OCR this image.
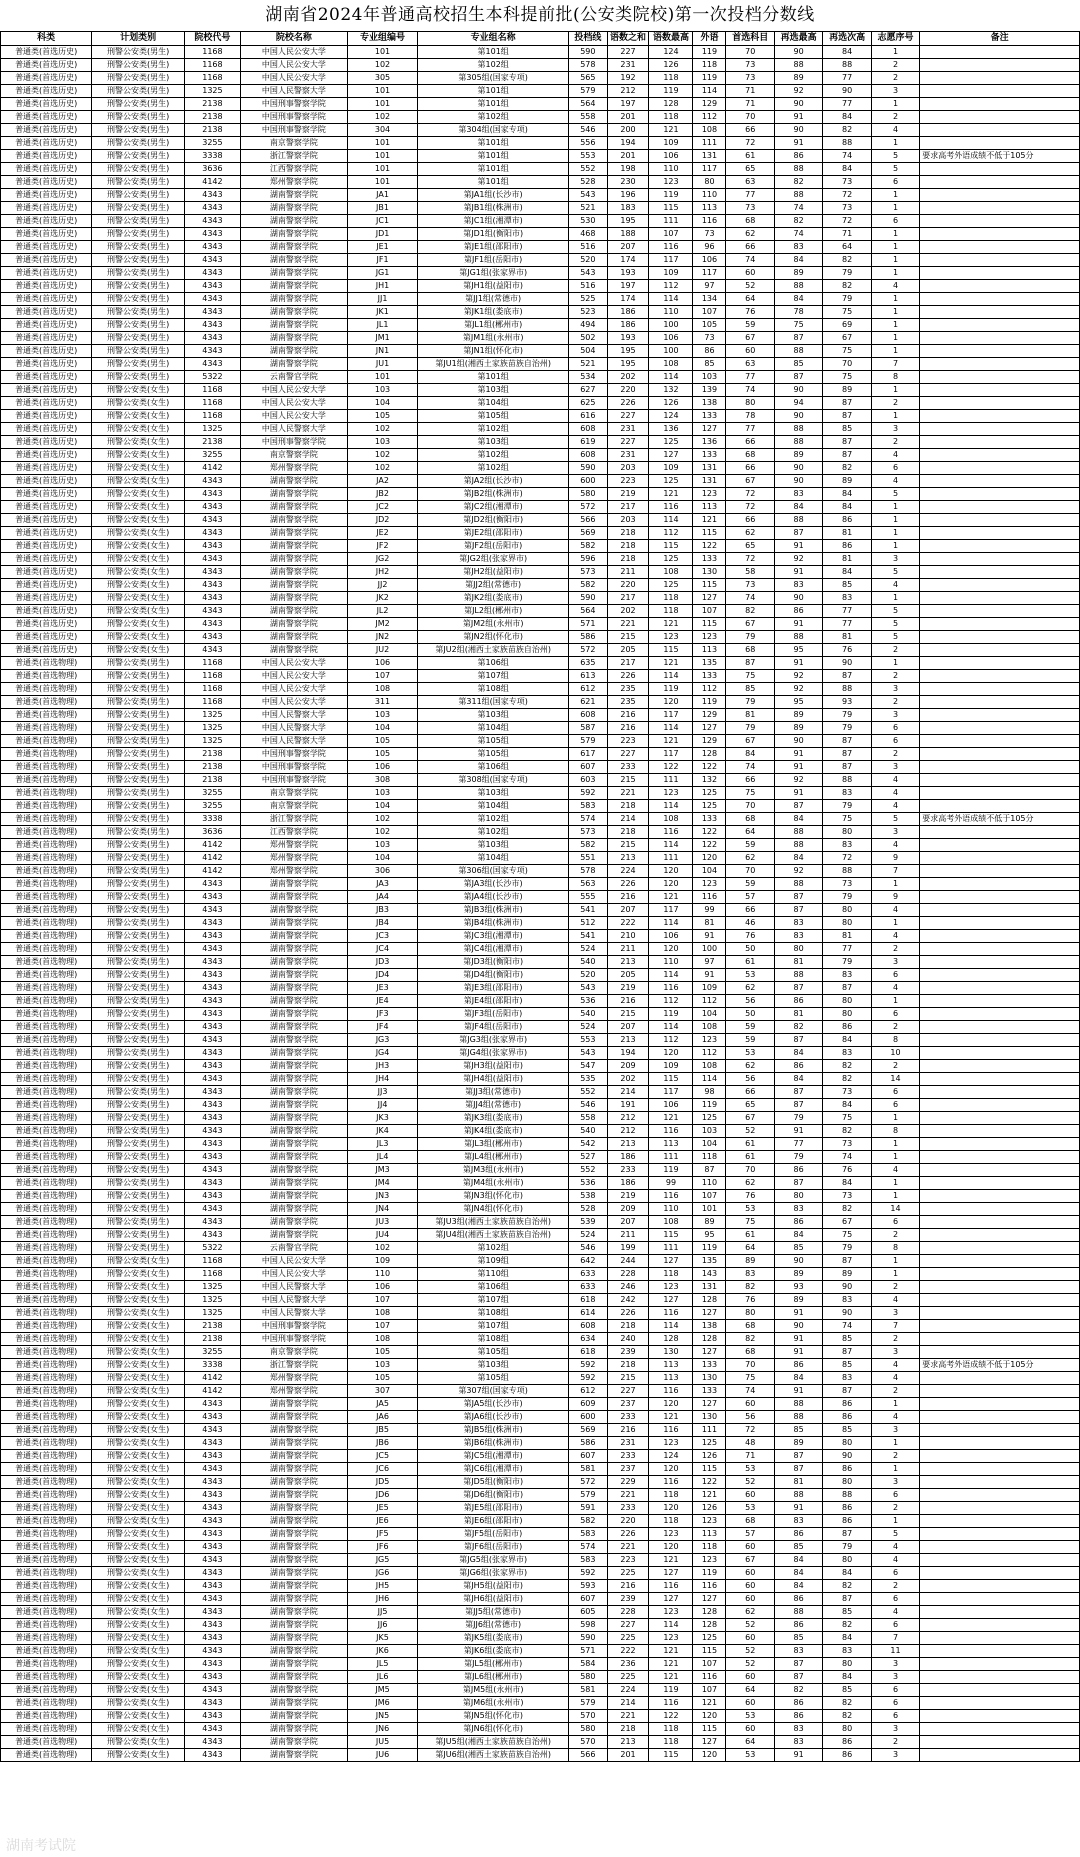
湖南省2024年普通高校招生本科提前批(公安类院校)第一次投档分数线
科类	计划类别	院校代号	院校名称	专业组编号	专业组名称	投档线	语数之和	语数最高	外语	首选科目	再选最高	再选次高	志愿序号	备注
普通类(首选历史)	刑警公安类(男生)	1168	中国人民公安大学	101	第101组	590	227	124	119	70	90	84	1	
普通类(首选历史)	刑警公安类(男生)	1168	中国人民公安大学	102	第102组	578	231	126	118	73	88	88	2	
普通类(首选历史)	刑警公安类(男生)	1168	中国人民公安大学	305	第305组(国家专项)	565	192	118	119	73	89	77	2	
普通类(首选历史)	刑警公安类(男生)	1325	中国人民警察大学	101	第101组	579	212	119	114	71	92	90	3	
普通类(首选历史)	刑警公安类(男生)	2138	中国刑事警察学院	101	第101组	564	197	128	129	71	90	77	1	
普通类(首选历史)	刑警公安类(男生)	2138	中国刑事警察学院	102	第102组	558	201	118	112	70	91	84	2	
普通类(首选历史)	刑警公安类(男生)	2138	中国刑事警察学院	304	第304组(国家专项)	546	200	121	108	66	90	82	4	
普通类(首选历史)	刑警公安类(男生)	3255	南京警察学院	101	第101组	556	194	109	111	72	91	88	1	
普通类(首选历史)	刑警公安类(男生)	3338	浙江警察学院	101	第101组	553	201	106	131	61	86	74	5	要求高考外语成绩不低于105分
普通类(首选历史)	刑警公安类(男生)	3636	江西警察学院	101	第101组	552	198	110	117	65	88	84	5	
普通类(首选历史)	刑警公安类(男生)	4142	郑州警察学院	101	第101组	528	230	123	80	63	82	73	6	
普通类(首选历史)	刑警公安类(男生)	4343	湖南警察学院	JA1	第JA1组(长沙市)	543	196	119	110	77	88	72	1	
普通类(首选历史)	刑警公安类(男生)	4343	湖南警察学院	JB1	第JB1组(株洲市)	521	183	115	113	73	74	73	1	
普通类(首选历史)	刑警公安类(男生)	4343	湖南警察学院	JC1	第JC1组(湘潭市)	530	195	111	116	68	82	72	6	
普通类(首选历史)	刑警公安类(男生)	4343	湖南警察学院	JD1	第JD1组(衡阳市)	468	188	107	73	62	74	71	1	
普通类(首选历史)	刑警公安类(男生)	4343	湖南警察学院	JE1	第JE1组(邵阳市)	516	207	116	96	66	83	64	1	
普通类(首选历史)	刑警公安类(男生)	4343	湖南警察学院	JF1	第JF1组(岳阳市)	520	174	117	106	74	84	82	1	
普通类(首选历史)	刑警公安类(男生)	4343	湖南警察学院	JG1	第JG1组(张家界市)	543	193	109	117	60	89	79	1	
普通类(首选历史)	刑警公安类(男生)	4343	湖南警察学院	JH1	第JH1组(益阳市)	516	197	112	97	52	88	82	4	
普通类(首选历史)	刑警公安类(男生)	4343	湖南警察学院	JJ1	第JJ1组(常德市)	525	174	114	134	64	84	79	1	
普通类(首选历史)	刑警公安类(男生)	4343	湖南警察学院	JK1	第JK1组(娄底市)	523	186	110	107	76	78	75	1	
普通类(首选历史)	刑警公安类(男生)	4343	湖南警察学院	JL1	第JL1组(郴州市)	494	186	100	105	59	75	69	1	
普通类(首选历史)	刑警公安类(男生)	4343	湖南警察学院	JM1	第JM1组(永州市)	502	193	106	73	67	87	67	1	
普通类(首选历史)	刑警公安类(男生)	4343	湖南警察学院	JN1	第JN1组(怀化市)	504	195	100	86	60	88	75	1	
普通类(首选历史)	刑警公安类(男生)	4343	湖南警察学院	JU1	第JU1组(湘西土家族苗族自治州)	521	195	108	85	63	85	70	7	
普通类(首选历史)	刑警公安类(男生)	5322	云南警官学院	101	第101组	534	202	114	103	77	87	75	8	
普通类(首选历史)	刑警公安类(女生)	1168	中国人民公安大学	103	第103组	627	220	132	139	74	90	89	1	
普通类(首选历史)	刑警公安类(女生)	1168	中国人民公安大学	104	第104组	625	226	126	138	80	94	87	2	
普通类(首选历史)	刑警公安类(女生)	1168	中国人民公安大学	105	第105组	616	227	124	133	78	90	87	1	
普通类(首选历史)	刑警公安类(女生)	1325	中国人民警察大学	102	第102组	608	231	136	127	77	88	85	3	
普通类(首选历史)	刑警公安类(女生)	2138	中国刑事警察学院	103	第103组	619	227	125	136	66	88	87	2	
普通类(首选历史)	刑警公安类(女生)	3255	南京警察学院	102	第102组	608	231	127	133	68	89	87	4	
普通类(首选历史)	刑警公安类(女生)	4142	郑州警察学院	102	第102组	590	203	109	131	66	90	82	6	
普通类(首选历史)	刑警公安类(女生)	4343	湖南警察学院	JA2	第JA2组(长沙市)	600	223	125	131	67	90	89	4	
普通类(首选历史)	刑警公安类(女生)	4343	湖南警察学院	JB2	第JB2组(株洲市)	580	219	121	123	72	83	84	5	
普通类(首选历史)	刑警公安类(女生)	4343	湖南警察学院	JC2	第JC2组(湘潭市)	572	217	116	113	72	84	84	1	
普通类(首选历史)	刑警公安类(女生)	4343	湖南警察学院	JD2	第JD2组(衡阳市)	566	203	114	121	66	88	86	1	
普通类(首选历史)	刑警公安类(女生)	4343	湖南警察学院	JE2	第JE2组(邵阳市)	569	218	112	115	62	87	81	1	
普通类(首选历史)	刑警公安类(女生)	4343	湖南警察学院	JF2	第JF2组(岳阳市)	582	218	115	122	65	91	86	1	
普通类(首选历史)	刑警公安类(女生)	4343	湖南警察学院	JG2	第JG2组(张家界市)	596	218	125	133	72	92	81	3	
普通类(首选历史)	刑警公安类(女生)	4343	湖南警察学院	JH2	第JH2组(益阳市)	573	211	108	130	58	91	84	5	
普通类(首选历史)	刑警公安类(女生)	4343	湖南警察学院	JJ2	第JJ2组(常德市)	582	220	125	115	73	83	85	4	
普通类(首选历史)	刑警公安类(女生)	4343	湖南警察学院	JK2	第JK2组(娄底市)	590	217	118	127	74	90	83	1	
普通类(首选历史)	刑警公安类(女生)	4343	湖南警察学院	JL2	第JL2组(郴州市)	564	202	118	107	82	86	77	5	
普通类(首选历史)	刑警公安类(女生)	4343	湖南警察学院	JM2	第JM2组(永州市)	571	221	121	115	67	91	77	5	
普通类(首选历史)	刑警公安类(女生)	4343	湖南警察学院	JN2	第JN2组(怀化市)	586	215	123	123	79	88	81	5	
普通类(首选历史)	刑警公安类(女生)	4343	湖南警察学院	JU2	第JU2组(湘西土家族苗族自治州)	572	205	115	113	68	95	76	2	
普通类(首选物理)	刑警公安类(男生)	1168	中国人民公安大学	106	第106组	635	217	121	135	87	91	90	1	
普通类(首选物理)	刑警公安类(男生)	1168	中国人民公安大学	107	第107组	613	226	114	133	75	92	87	2	
普通类(首选物理)	刑警公安类(男生)	1168	中国人民公安大学	108	第108组	612	235	119	112	85	92	88	3	
普通类(首选物理)	刑警公安类(男生)	1168	中国人民公安大学	311	第311组(国家专项)	621	235	120	119	79	95	93	2	
普通类(首选物理)	刑警公安类(男生)	1325	中国人民警察大学	103	第103组	608	216	117	129	81	89	79	3	
普通类(首选物理)	刑警公安类(男生)	1325	中国人民警察大学	104	第104组	587	216	114	127	79	89	79	6	
普通类(首选物理)	刑警公安类(男生)	1325	中国人民警察大学	105	第105组	579	223	121	129	67	90	87	6	
普通类(首选物理)	刑警公安类(男生)	2138	中国刑事警察学院	105	第105组	617	227	117	128	84	91	87	2	
普通类(首选物理)	刑警公安类(男生)	2138	中国刑事警察学院	106	第106组	607	233	122	122	74	91	87	3	
普通类(首选物理)	刑警公安类(男生)	2138	中国刑事警察学院	308	第308组(国家专项)	603	215	111	132	66	92	88	4	
普通类(首选物理)	刑警公安类(男生)	3255	南京警察学院	103	第103组	592	221	123	125	75	91	83	4	
普通类(首选物理)	刑警公安类(男生)	3255	南京警察学院	104	第104组	583	218	114	125	70	87	79	4	
普通类(首选物理)	刑警公安类(男生)	3338	浙江警察学院	102	第102组	574	214	108	133	68	84	75	5	要求高考外语成绩不低于105分
普通类(首选物理)	刑警公安类(男生)	3636	江西警察学院	102	第102组	573	218	116	122	64	88	80	3	
普通类(首选物理)	刑警公安类(男生)	4142	郑州警察学院	103	第103组	582	215	114	122	59	88	83	4	
普通类(首选物理)	刑警公安类(男生)	4142	郑州警察学院	104	第104组	551	213	111	120	62	84	72	9	
普通类(首选物理)	刑警公安类(男生)	4142	郑州警察学院	306	第306组(国家专项)	578	224	120	104	70	92	88	7	
普通类(首选物理)	刑警公安类(男生)	4343	湖南警察学院	JA3	第JA3组(长沙市)	563	226	120	123	59	88	73	1	
普通类(首选物理)	刑警公安类(男生)	4343	湖南警察学院	JA4	第JA4组(长沙市)	555	216	121	116	57	87	79	9	
普通类(首选物理)	刑警公安类(男生)	4343	湖南警察学院	JB3	第JB3组(株洲市)	541	207	117	99	66	87	80	4	
普通类(首选物理)	刑警公安类(男生)	4343	湖南警察学院	JB4	第JB4组(株洲市)	512	222	114	81	46	83	80	1	
普通类(首选物理)	刑警公安类(男生)	4343	湖南警察学院	JC3	第JC3组(湘潭市)	541	210	106	91	76	83	81	4	
普通类(首选物理)	刑警公安类(男生)	4343	湖南警察学院	JC4	第JC4组(湘潭市)	524	211	120	100	50	80	77	2	
普通类(首选物理)	刑警公安类(男生)	4343	湖南警察学院	JD3	第JD3组(衡阳市)	540	213	110	97	61	81	79	3	
普通类(首选物理)	刑警公安类(男生)	4343	湖南警察学院	JD4	第JD4组(衡阳市)	520	205	114	91	53	88	83	6	
普通类(首选物理)	刑警公安类(男生)	4343	湖南警察学院	JE3	第JE3组(邵阳市)	543	219	116	109	62	87	87	4	
普通类(首选物理)	刑警公安类(男生)	4343	湖南警察学院	JE4	第JE4组(邵阳市)	536	216	112	112	56	86	80	1	
普通类(首选物理)	刑警公安类(男生)	4343	湖南警察学院	JF3	第JF3组(岳阳市)	540	215	119	104	50	81	80	6	
普通类(首选物理)	刑警公安类(男生)	4343	湖南警察学院	JF4	第JF4组(岳阳市)	524	207	114	108	59	82	86	2	
普通类(首选物理)	刑警公安类(男生)	4343	湖南警察学院	JG3	第JG3组(张家界市)	553	213	112	123	59	87	84	8	
普通类(首选物理)	刑警公安类(男生)	4343	湖南警察学院	JG4	第JG4组(张家界市)	543	194	120	112	53	84	83	10	
普通类(首选物理)	刑警公安类(男生)	4343	湖南警察学院	JH3	第JH3组(益阳市)	547	209	109	108	62	86	82	2	
普通类(首选物理)	刑警公安类(男生)	4343	湖南警察学院	JH4	第JH4组(益阳市)	535	202	115	114	56	84	82	14	
普通类(首选物理)	刑警公安类(男生)	4343	湖南警察学院	JJ3	第JJ3组(常德市)	552	214	117	98	66	87	73	6	
普通类(首选物理)	刑警公安类(男生)	4343	湖南警察学院	JJ4	第JJ4组(常德市)	546	191	106	119	65	87	84	6	
普通类(首选物理)	刑警公安类(男生)	4343	湖南警察学院	JK3	第JK3组(娄底市)	558	212	121	125	67	79	75	1	
普通类(首选物理)	刑警公安类(男生)	4343	湖南警察学院	JK4	第JK4组(娄底市)	540	212	116	103	52	91	82	8	
普通类(首选物理)	刑警公安类(男生)	4343	湖南警察学院	JL3	第JL3组(郴州市)	542	213	113	104	61	77	73	1	
普通类(首选物理)	刑警公安类(男生)	4343	湖南警察学院	JL4	第JL4组(郴州市)	527	186	111	118	61	79	74	1	
普通类(首选物理)	刑警公安类(男生)	4343	湖南警察学院	JM3	第JM3组(永州市)	552	233	119	87	70	86	76	4	
普通类(首选物理)	刑警公安类(男生)	4343	湖南警察学院	JM4	第JM4组(永州市)	536	186	99	110	62	87	84	1	
普通类(首选物理)	刑警公安类(男生)	4343	湖南警察学院	JN3	第JN3组(怀化市)	538	219	116	107	76	80	73	1	
普通类(首选物理)	刑警公安类(男生)	4343	湖南警察学院	JN4	第JN4组(怀化市)	528	209	110	101	53	83	82	14	
普通类(首选物理)	刑警公安类(男生)	4343	湖南警察学院	JU3	第JU3组(湘西土家族苗族自治州)	539	207	108	89	75	86	67	6	
普通类(首选物理)	刑警公安类(男生)	4343	湖南警察学院	JU4	第JU4组(湘西土家族苗族自治州)	524	211	115	95	61	84	75	2	
普通类(首选物理)	刑警公安类(男生)	5322	云南警官学院	102	第102组	546	199	111	119	64	85	79	8	
普通类(首选物理)	刑警公安类(女生)	1168	中国人民公安大学	109	第109组	642	244	127	135	89	90	87	1	
普通类(首选物理)	刑警公安类(女生)	1168	中国人民公安大学	110	第110组	633	228	118	143	83	89	89	1	
普通类(首选物理)	刑警公安类(女生)	1325	中国人民警察大学	106	第106组	633	246	123	131	82	93	90	2	
普通类(首选物理)	刑警公安类(女生)	1325	中国人民警察大学	107	第107组	618	242	127	128	76	89	83	4	
普通类(首选物理)	刑警公安类(女生)	1325	中国人民警察大学	108	第108组	614	226	116	127	80	91	90	3	
普通类(首选物理)	刑警公安类(女生)	2138	中国刑事警察学院	107	第107组	608	218	114	138	68	90	74	7	
普通类(首选物理)	刑警公安类(女生)	2138	中国刑事警察学院	108	第108组	634	240	128	128	82	91	85	2	
普通类(首选物理)	刑警公安类(女生)	3255	南京警察学院	105	第105组	618	239	130	127	68	91	87	3	
普通类(首选物理)	刑警公安类(女生)	3338	浙江警察学院	103	第103组	592	218	113	133	70	86	85	4	要求高考外语成绩不低于105分
普通类(首选物理)	刑警公安类(女生)	4142	郑州警察学院	105	第105组	592	215	113	130	75	84	83	4	
普通类(首选物理)	刑警公安类(女生)	4142	郑州警察学院	307	第307组(国家专项)	612	227	116	133	74	91	87	2	
普通类(首选物理)	刑警公安类(女生)	4343	湖南警察学院	JA5	第JA5组(长沙市)	609	237	120	127	60	88	86	1	
普通类(首选物理)	刑警公安类(女生)	4343	湖南警察学院	JA6	第JA6组(长沙市)	600	233	121	130	56	88	86	4	
普通类(首选物理)	刑警公安类(女生)	4343	湖南警察学院	JB5	第JB5组(株洲市)	569	216	116	111	72	85	85	3	
普通类(首选物理)	刑警公安类(女生)	4343	湖南警察学院	JB6	第JB6组(株洲市)	586	231	123	125	48	89	80	1	
普通类(首选物理)	刑警公安类(女生)	4343	湖南警察学院	JC5	第JC5组(湘潭市)	607	233	124	126	71	87	90	2	
普通类(首选物理)	刑警公安类(女生)	4343	湖南警察学院	JC6	第JC6组(湘潭市)	581	237	120	115	53	87	86	1	
普通类(首选物理)	刑警公安类(女生)	4343	湖南警察学院	JD5	第JD5组(衡阳市)	572	229	116	122	52	81	80	3	
普通类(首选物理)	刑警公安类(女生)	4343	湖南警察学院	JD6	第JD6组(衡阳市)	579	221	118	121	60	88	88	6	
普通类(首选物理)	刑警公安类(女生)	4343	湖南警察学院	JE5	第JE5组(邵阳市)	591	233	120	126	53	91	86	2	
普通类(首选物理)	刑警公安类(女生)	4343	湖南警察学院	JE6	第JE6组(邵阳市)	582	220	118	123	68	83	86	1	
普通类(首选物理)	刑警公安类(女生)	4343	湖南警察学院	JF5	第JF5组(岳阳市)	583	226	123	113	57	86	87	5	
普通类(首选物理)	刑警公安类(女生)	4343	湖南警察学院	JF6	第JF6组(岳阳市)	574	221	120	118	60	85	79	4	
普通类(首选物理)	刑警公安类(女生)	4343	湖南警察学院	JG5	第JG5组(张家界市)	583	223	121	123	67	84	80	4	
普通类(首选物理)	刑警公安类(女生)	4343	湖南警察学院	JG6	第JG6组(张家界市)	592	225	127	119	60	84	84	6	
普通类(首选物理)	刑警公安类(女生)	4343	湖南警察学院	JH5	第JH5组(益阳市)	593	216	116	116	60	84	82	2	
普通类(首选物理)	刑警公安类(女生)	4343	湖南警察学院	JH6	第JH6组(益阳市)	607	239	127	127	60	86	87	6	
普通类(首选物理)	刑警公安类(女生)	4343	湖南警察学院	JJ5	第JJ5组(常德市)	605	228	123	128	62	88	85	4	
普通类(首选物理)	刑警公安类(女生)	4343	湖南警察学院	JJ6	第JJ6组(常德市)	598	227	114	128	52	86	82	6	
普通类(首选物理)	刑警公安类(女生)	4343	湖南警察学院	JK5	第JK5组(娄底市)	590	225	123	125	60	85	84	7	
普通类(首选物理)	刑警公安类(女生)	4343	湖南警察学院	JK6	第JK6组(娄底市)	571	222	121	115	52	83	83	11	
普通类(首选物理)	刑警公安类(女生)	4343	湖南警察学院	JL5	第JL5组(郴州市)	584	236	121	107	52	87	80	3	
普通类(首选物理)	刑警公安类(女生)	4343	湖南警察学院	JL6	第JL6组(郴州市)	580	225	121	116	60	87	84	3	
普通类(首选物理)	刑警公安类(女生)	4343	湖南警察学院	JM5	第JM5组(永州市)	581	224	119	107	64	82	85	6	
普通类(首选物理)	刑警公安类(女生)	4343	湖南警察学院	JM6	第JM6组(永州市)	579	214	116	121	60	86	82	6	
普通类(首选物理)	刑警公安类(女生)	4343	湖南警察学院	JN5	第JN5组(怀化市)	570	221	122	120	53	86	82	6	
普通类(首选物理)	刑警公安类(女生)	4343	湖南警察学院	JN6	第JN6组(怀化市)	580	218	118	115	60	83	80	3	
普通类(首选物理)	刑警公安类(女生)	4343	湖南警察学院	JU5	第JU5组(湘西土家族苗族自治州)	570	213	118	127	64	83	86	2	
普通类(首选物理)	刑警公安类(女生)	4343	湖南警察学院	JU6	第JU6组(湘西土家族苗族自治州)	566	201	115	120	53	91	86	3	
湖南考试院
